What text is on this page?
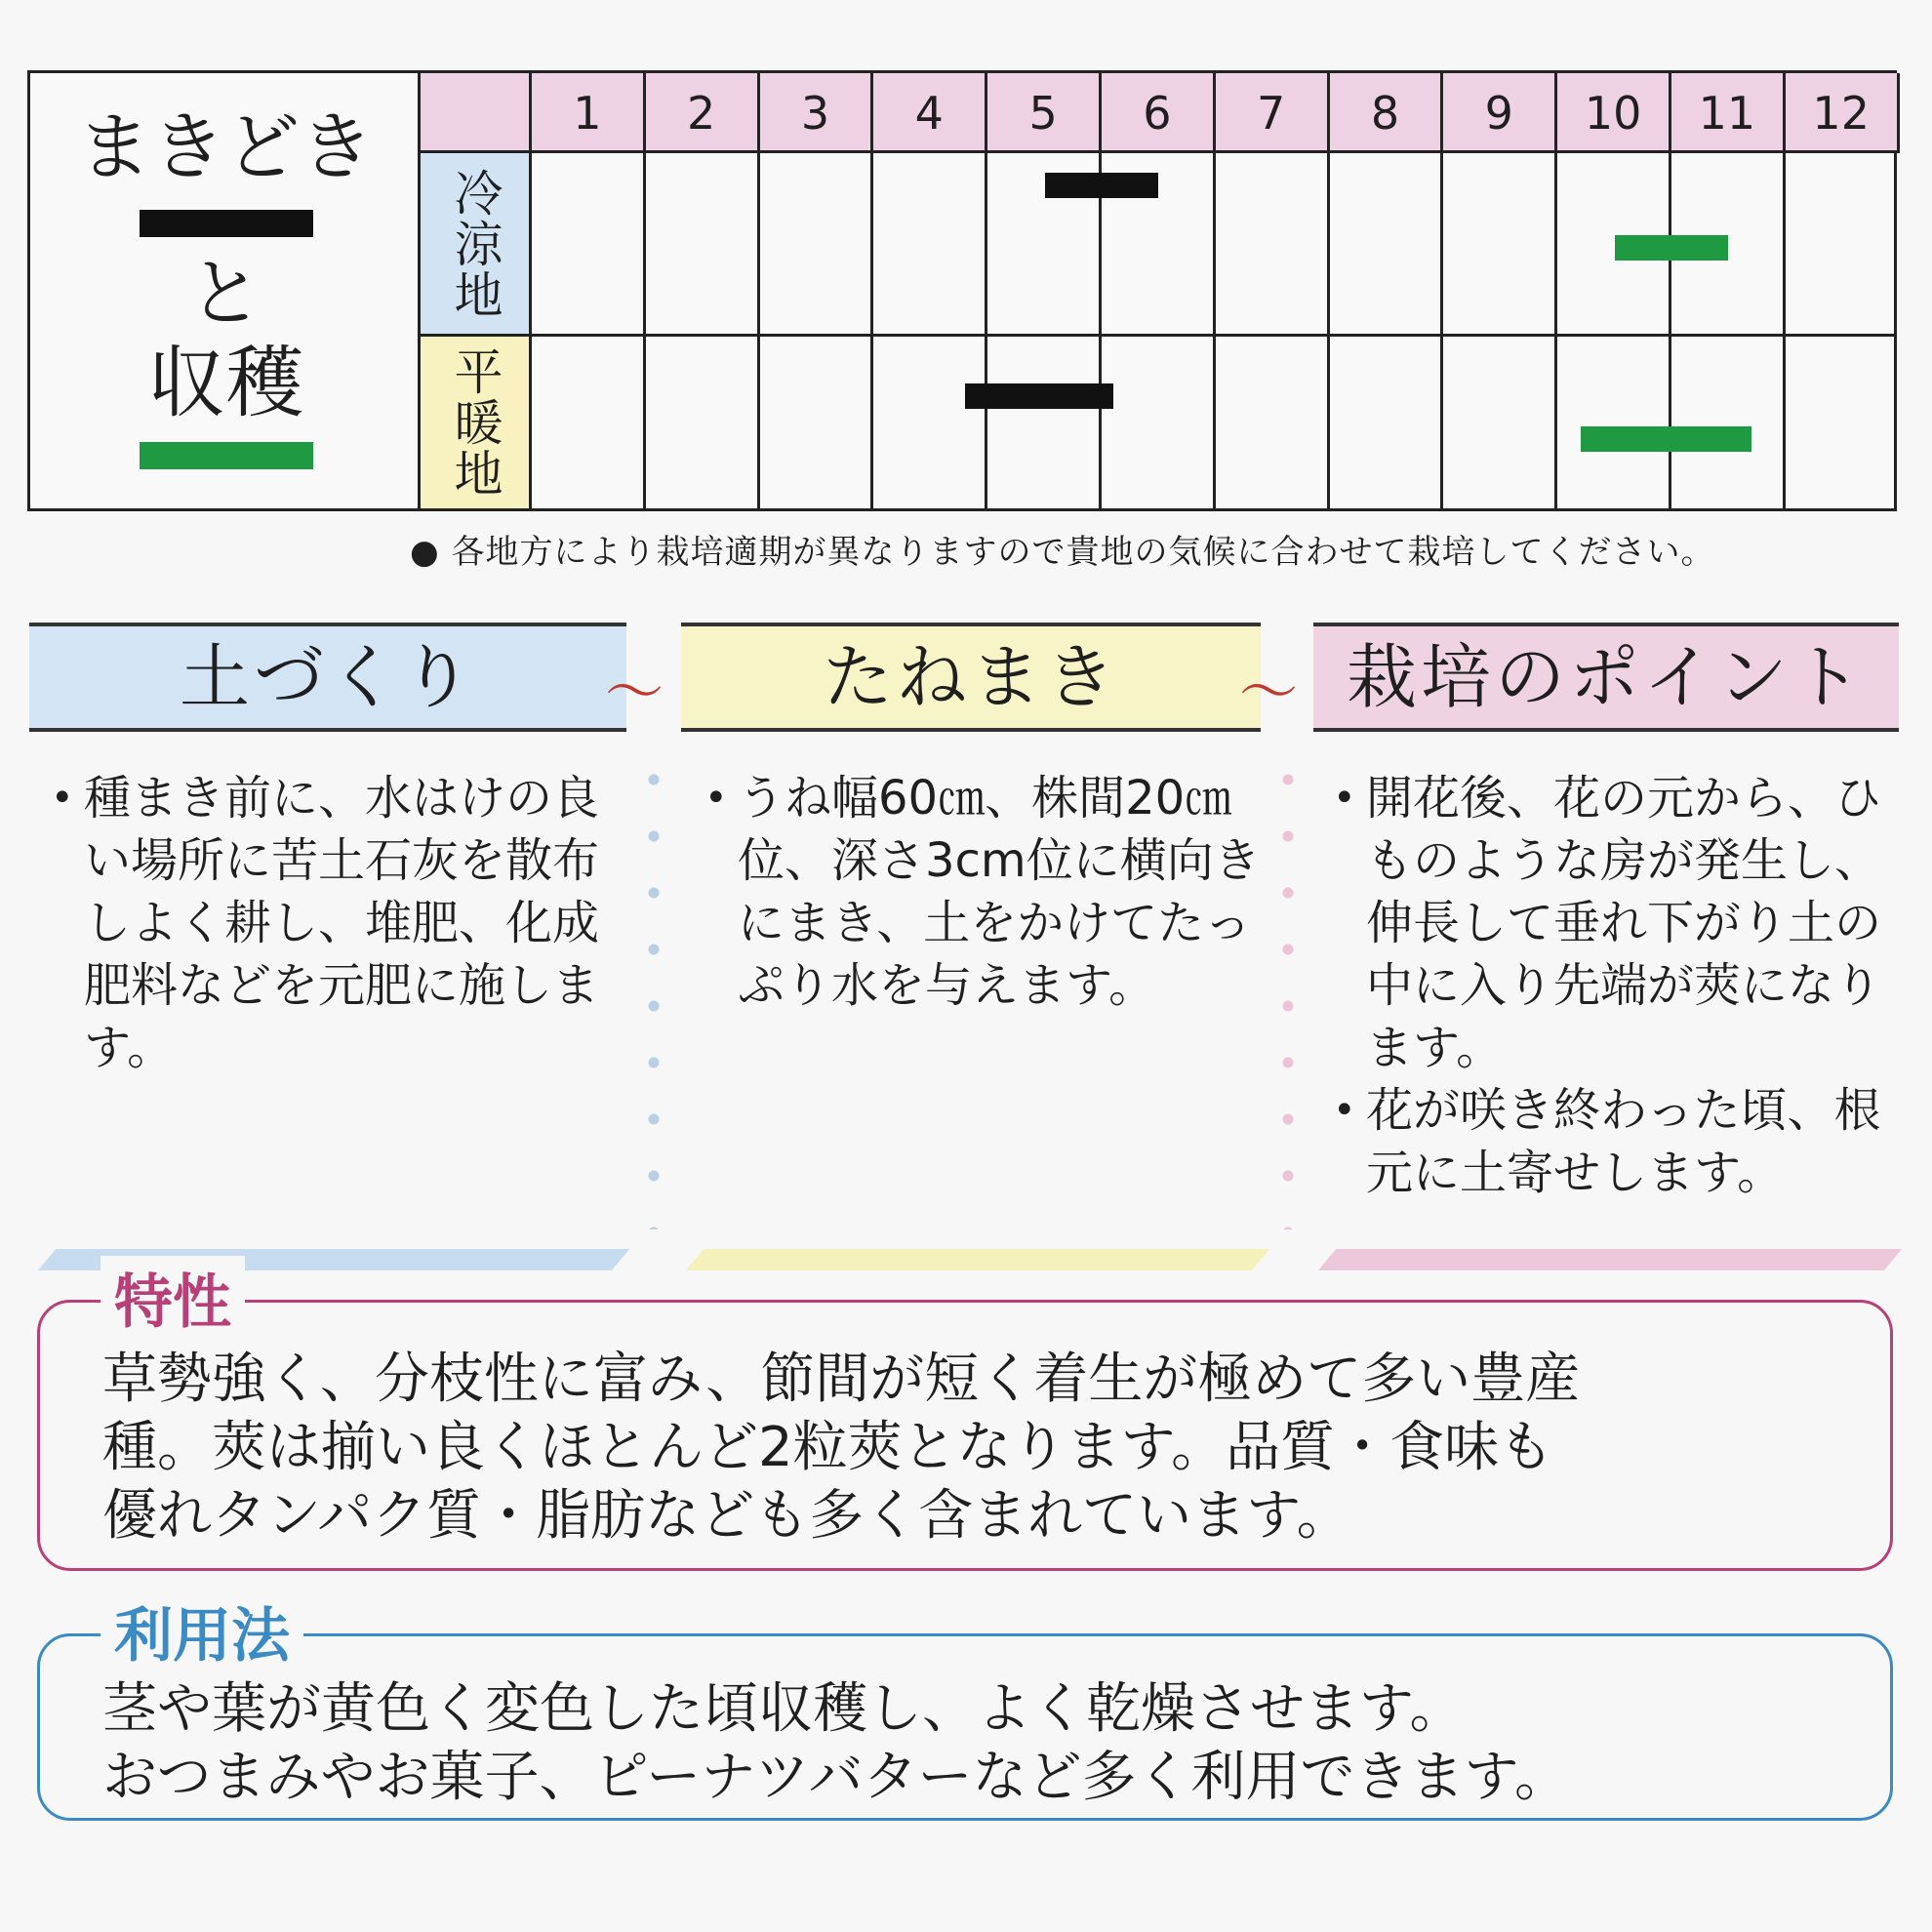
まきどき
と
収穫
1	2	3	4	5	6	7	8	9	10	11	12
冷涼地
平暖地
● 各地方により栽培適期が異なりますので貴地の気候に合わせて栽培してください。
土づくり	～	たねまき	～ 栽培のポイント
• 種まき前に、水はけの良い場所に苦土石灰を散布しよく耕し、堆肥、化成肥料などを元肥に施します。
• うね幅60㎝、株間20㎝位、深さ3cm位に横向きにまき、土をかけてたっぷり水を与えます。
• 開花後、花の元から、ひものような房が発生し、伸長して垂れ下がり土の中に入り先端が莢になります。
• 花が咲き終わった頃、根元に土寄せします。
特性
草勢強く、分枝性に富み、節間が短く着生が極めて多い豊産
種。莢は揃い良くほとんど2粒莢となります。品質・食味も
優れタンパク質・脂肪なども多く含まれています。
利用法
茎や葉が黄色く変色した頃収穫し、よく乾燥させます。
おつまみやお菓子、ピーナツバターなど多く利用できます。
